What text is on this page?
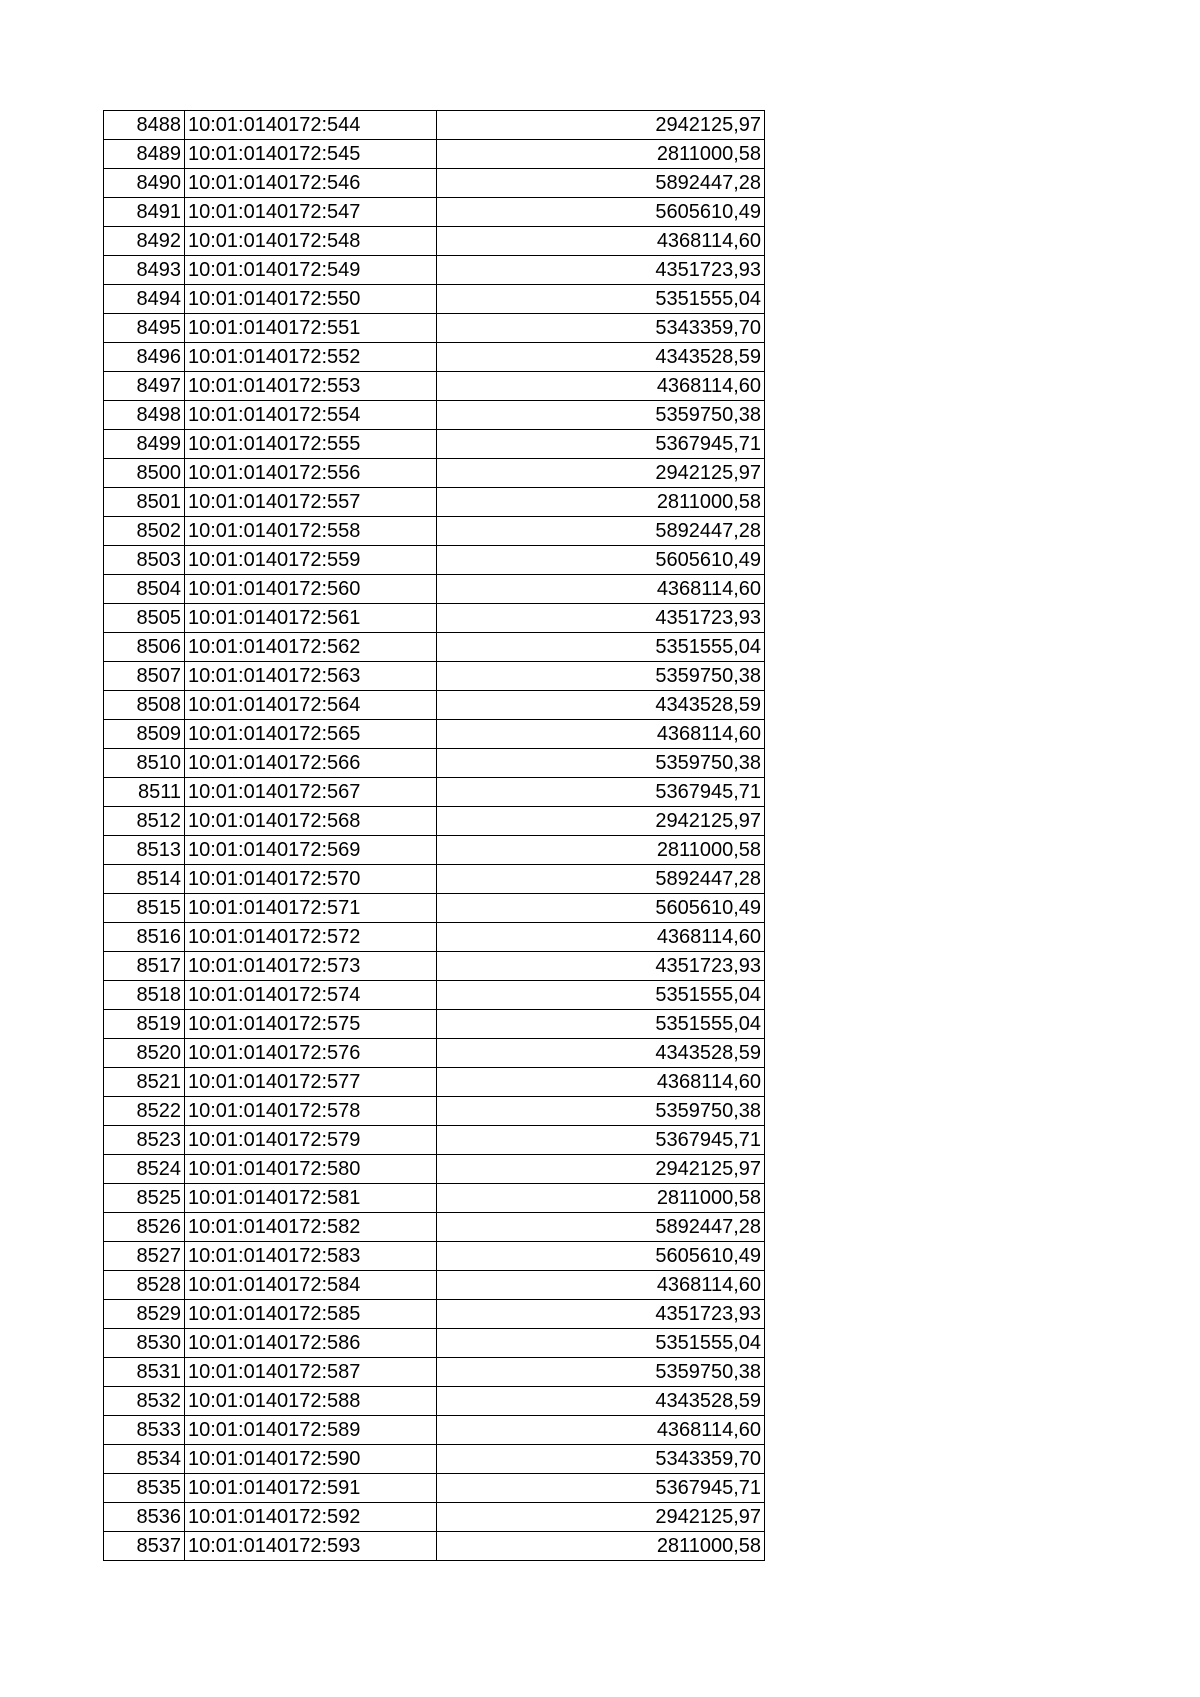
8488	10:01:0140172:544	2942125,97
8489	10:01:0140172:545	2811000,58
8490	10:01:0140172:546	5892447,28
8491	10:01:0140172:547	5605610,49
8492	10:01:0140172:548	4368114,60
8493	10:01:0140172:549	4351723,93
8494	10:01:0140172:550	5351555,04
8495	10:01:0140172:551	5343359,70
8496	10:01:0140172:552	4343528,59
8497	10:01:0140172:553	4368114,60
8498	10:01:0140172:554	5359750,38
8499	10:01:0140172:555	5367945,71
8500	10:01:0140172:556	2942125,97
8501	10:01:0140172:557	2811000,58
8502	10:01:0140172:558	5892447,28
8503	10:01:0140172:559	5605610,49
8504	10:01:0140172:560	4368114,60
8505	10:01:0140172:561	4351723,93
8506	10:01:0140172:562	5351555,04
8507	10:01:0140172:563	5359750,38
8508	10:01:0140172:564	4343528,59
8509	10:01:0140172:565	4368114,60
8510	10:01:0140172:566	5359750,38
8511	10:01:0140172:567	5367945,71
8512	10:01:0140172:568	2942125,97
8513	10:01:0140172:569	2811000,58
8514	10:01:0140172:570	5892447,28
8515	10:01:0140172:571	5605610,49
8516	10:01:0140172:572	4368114,60
8517	10:01:0140172:573	4351723,93
8518	10:01:0140172:574	5351555,04
8519	10:01:0140172:575	5351555,04
8520	10:01:0140172:576	4343528,59
8521	10:01:0140172:577	4368114,60
8522	10:01:0140172:578	5359750,38
8523	10:01:0140172:579	5367945,71
8524	10:01:0140172:580	2942125,97
8525	10:01:0140172:581	2811000,58
8526	10:01:0140172:582	5892447,28
8527	10:01:0140172:583	5605610,49
8528	10:01:0140172:584	4368114,60
8529	10:01:0140172:585	4351723,93
8530	10:01:0140172:586	5351555,04
8531	10:01:0140172:587	5359750,38
8532	10:01:0140172:588	4343528,59
8533	10:01:0140172:589	4368114,60
8534	10:01:0140172:590	5343359,70
8535	10:01:0140172:591	5367945,71
8536	10:01:0140172:592	2942125,97
8537	10:01:0140172:593	2811000,58
